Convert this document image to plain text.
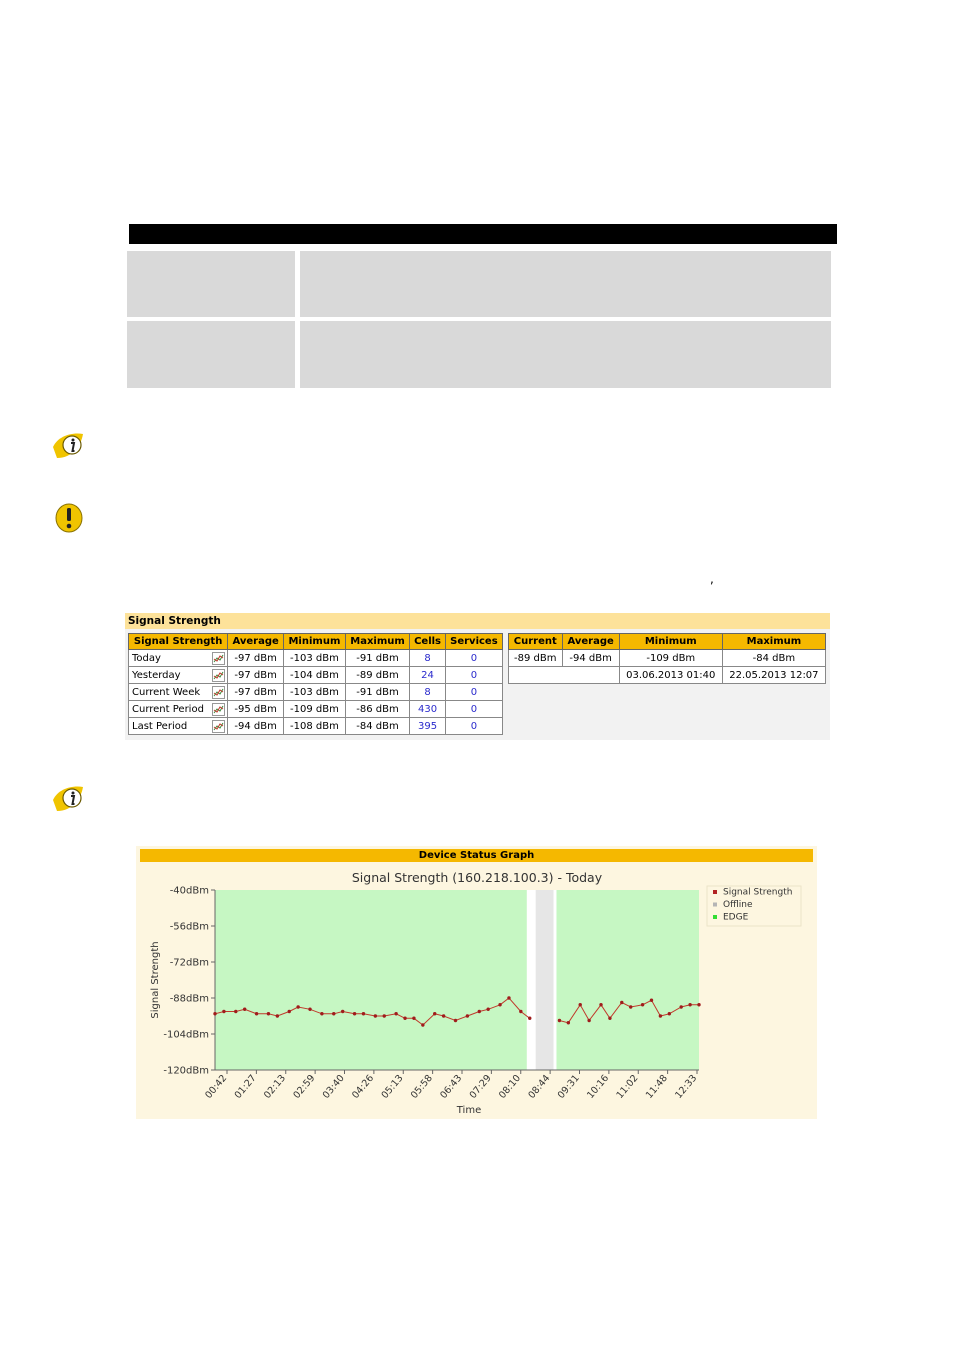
,
Signal Strength
Signal Strength		Average	Minimum	Maximum	Cells	Services
Today		-97 dBm	-103 dBm	-91 dBm	8	0
Yesterday		-97 dBm	-104 dBm	-89 dBm	24	0
Current Week		-97 dBm	-103 dBm	-91 dBm	8	0
Current Period		-95 dBm	-109 dBm	-86 dBm	430	0
Last Period		-94 dBm	-108 dBm	-84 dBm	395	0
Current	Average	Minimum	Maximum
-89 dBm	-94 dBm	-109 dBm	-84 dBm
		03.06.2013 01:40	22.05.2013 12:07
Device Status Graph
-40dBm
-56dBm
-72dBm
-88dBm
-104dBm
-120dBm
00:42 01:27 02:13 02:59 03:40 04:26 05:13 05:58 06:43 07:29 08:10 08:44 09:31 10:16 11:02 11:48 12:33
Signal Strength (160.218.100.3) - Today
Time
Signal Strength
Signal Strength
Offline
EDGE
